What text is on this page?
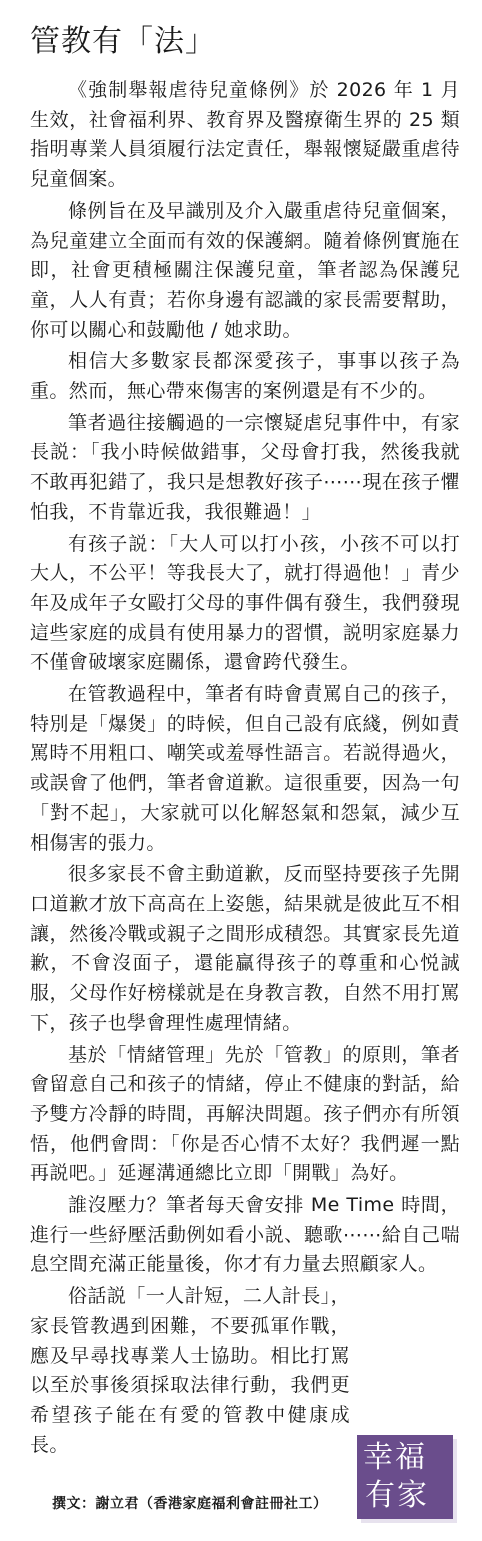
管教有「法」

《強制舉報虐待兒童條例》於 2026 年 1 月生效，社會福利界、教育界及醫療衛生界的 25 類指明專業人員須履行法定責任，舉報懷疑嚴重虐待兒童個案。

條例旨在及早識別及介入嚴重虐待兒童個案，為兒童建立全面而有效的保護網。隨着條例實施在即，社會更積極關注保護兒童，筆者認為保護兒童，人人有責；若你身邊有認識的家長需要幫助，你可以關心和鼓勵他 / 她求助。

相信大多數家長都深愛孩子，事事以孩子為重。然而，無心帶來傷害的案例還是有不少的。

筆者過往接觸過的一宗懷疑虐兒事件中，有家長説：「我小時候做錯事，父母會打我，然後我就不敢再犯錯了，我只是想教好孩子⋯⋯現在孩子懼怕我，不肯靠近我，我很難過！」

有孩子説：「大人可以打小孩，小孩不可以打大人，不公平！等我長大了，就打得過他！」青少年及成年子女毆打父母的事件偶有發生，我們發現這些家庭的成員有使用暴力的習慣，説明家庭暴力不僅會破壞家庭關係，還會跨代發生。

在管教過程中，筆者有時會責罵自己的孩子，特別是「爆煲」的時候，但自己設有底綫，例如責罵時不用粗口、嘲笑或羞辱性語言。若説得過火，或誤會了他們，筆者會道歉。這很重要，因為一句「對不起」，大家就可以化解怒氣和怨氣，減少互相傷害的張力。

很多家長不會主動道歉，反而堅持要孩子先開口道歉才放下高高在上姿態，結果就是彼此互不相讓，然後冷戰或親子之間形成積怨。其實家長先道歉，不會沒面子，還能贏得孩子的尊重和心悦誠服，父母作好榜樣就是在身教言教，自然不用打罵下，孩子也學會理性處理情緒。

基於「情緒管理」先於「管教」的原則，筆者會留意自己和孩子的情緒，停止不健康的對話，給予雙方冷靜的時間，再解決問題。孩子們亦有所領悟，他們會問：「你是否心情不太好？我們遲一點再説吧。」延遲溝通總比立即「開戰」為好。

誰沒壓力？筆者每天會安排 Me Time 時間，進行一些紓壓活動例如看小説、聽歌⋯⋯給自己喘息空間充滿正能量後，你才有力量去照顧家人。

俗話説「一人計短，二人計長」，家長管教遇到困難，不要孤軍作戰，應及早尋找專業人士協助。相比打罵以至於事後須採取法律行動，我們更希望孩子能在有愛的管教中健康成長。	幸福
有家
撰文：謝立君（香港家庭福利會註冊社工）
